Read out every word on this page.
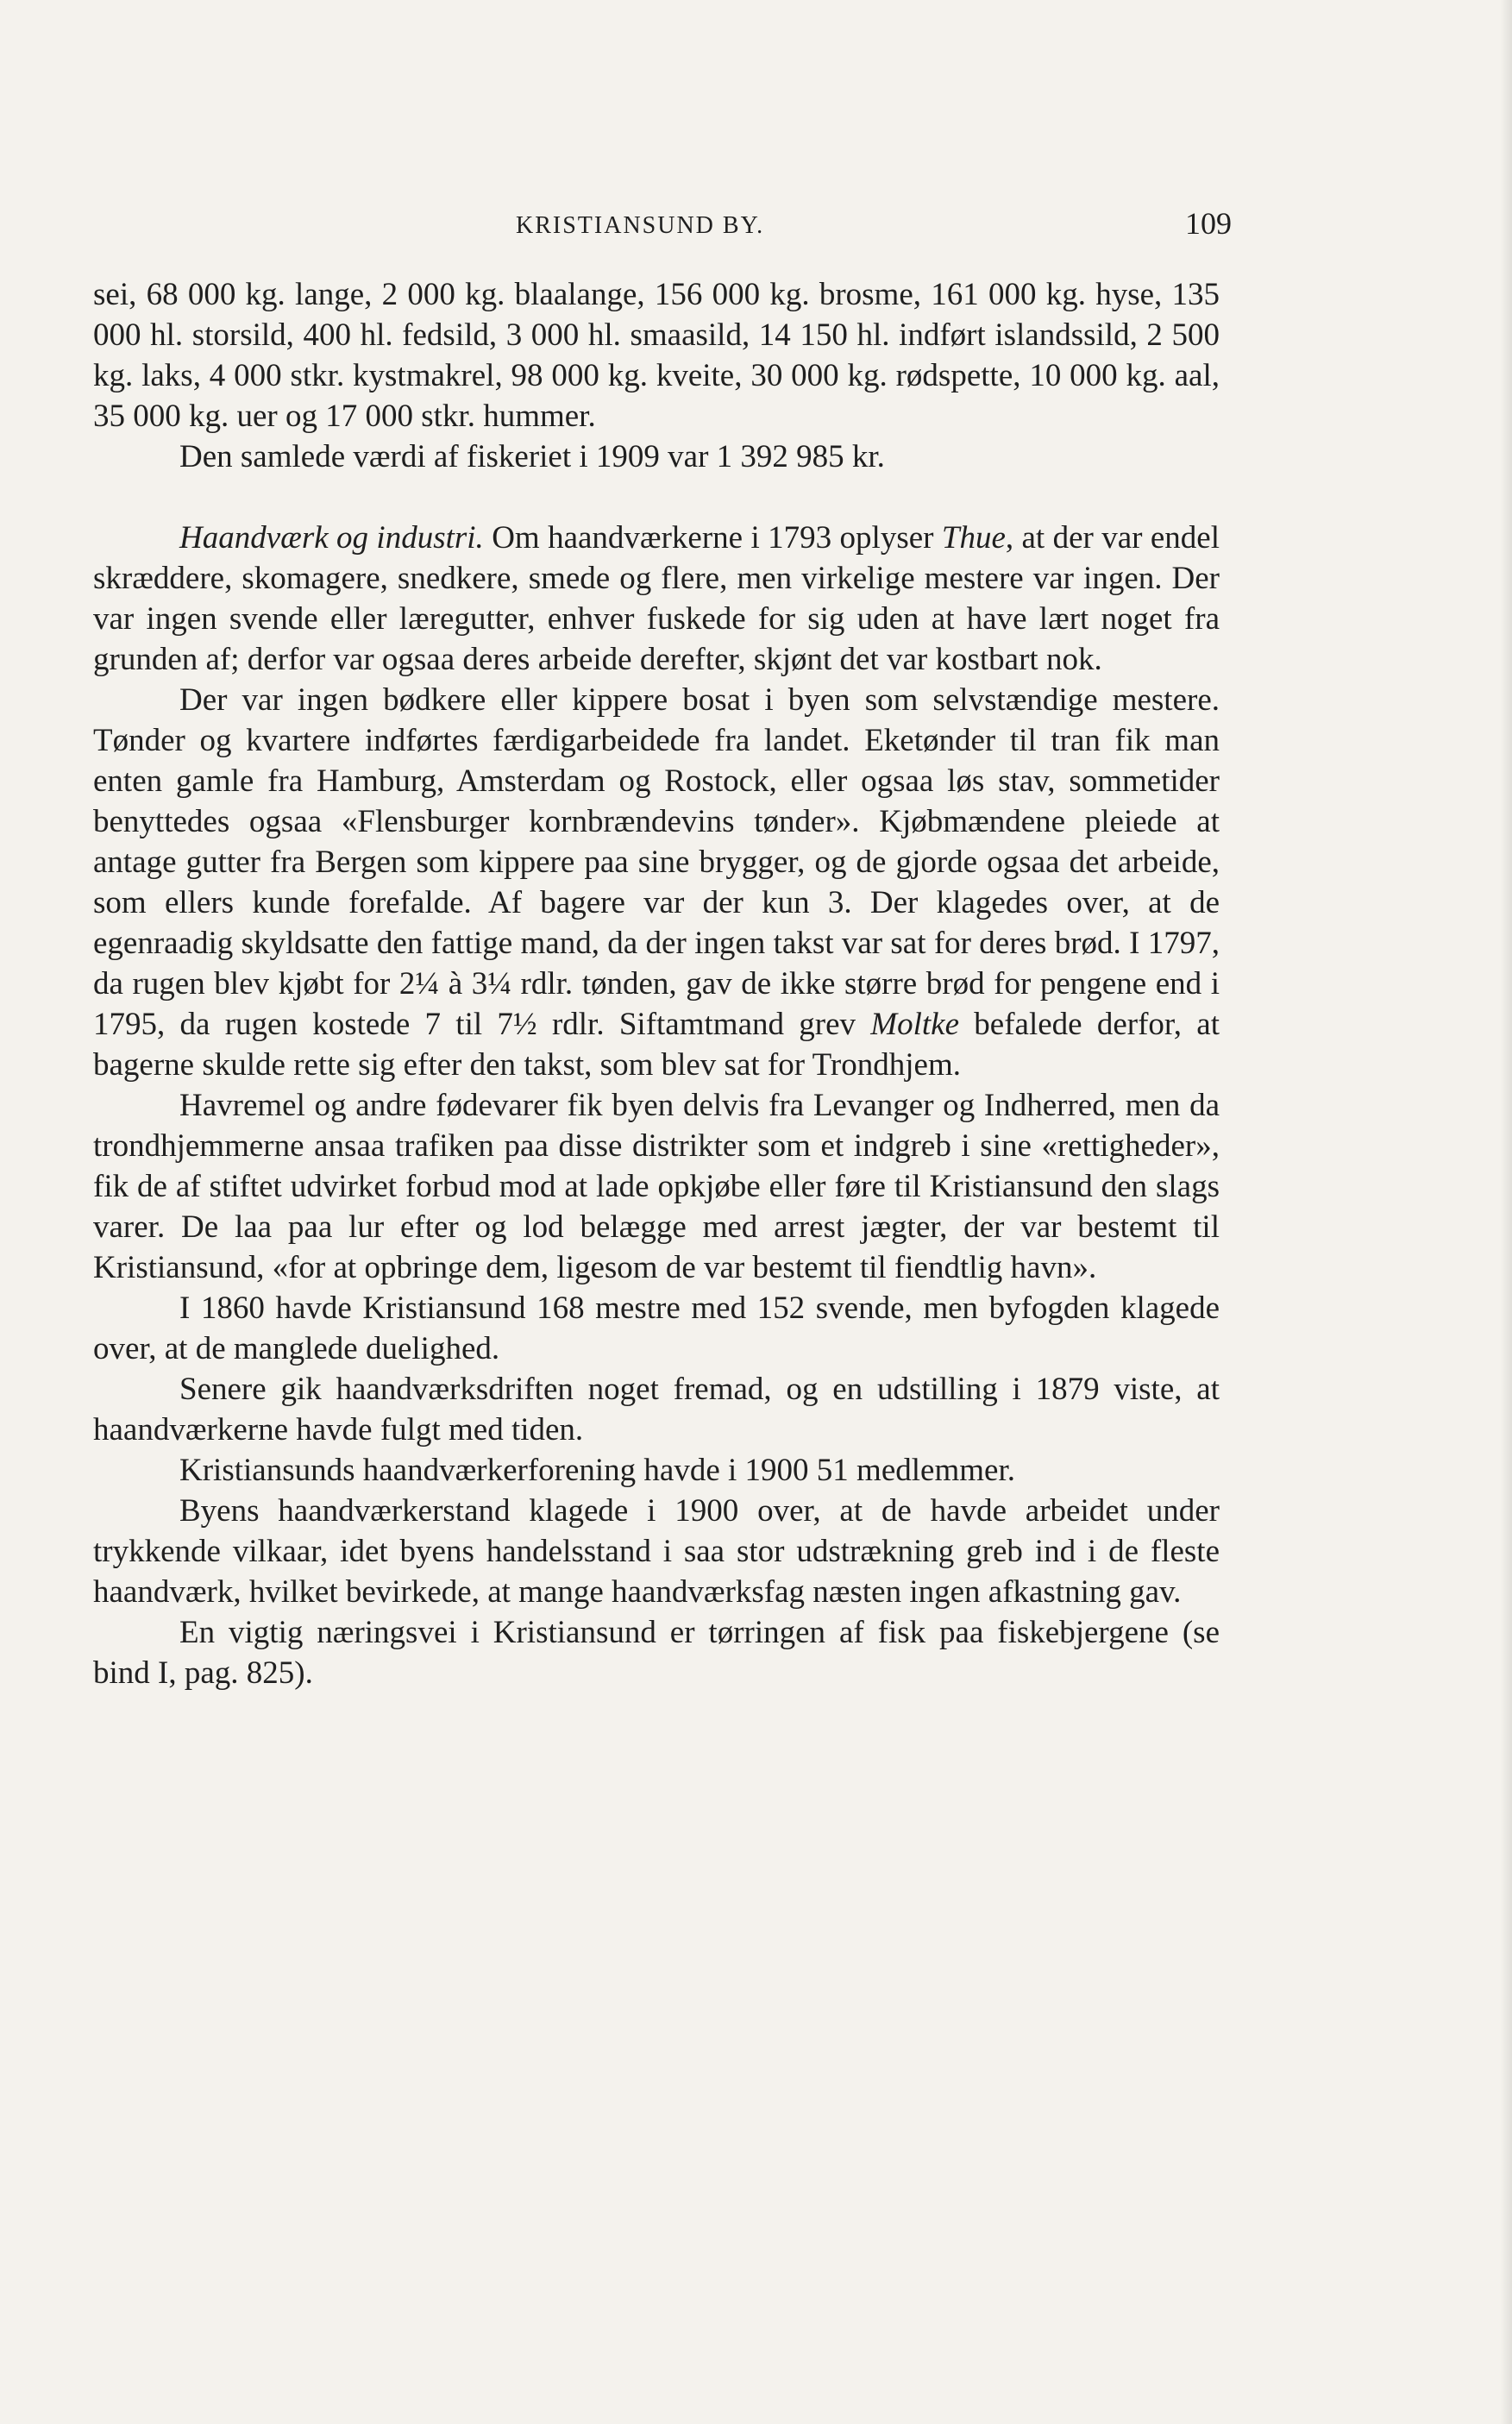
KRISTIANSUND BY.	109

sei, 68 000 kg. lange, 2 000 kg. blaalange, 156 000 kg. brosme, 161 000 kg. hyse, 135 000 hl. storsild, 400 hl. fedsild, 3 000 hl. smaasild, 14 150 hl. indført islandssild, 2 500 kg. laks, 4 000 stkr. kystmakrel, 98 000 kg. kveite, 30 000 kg. rødspette, 10 000 kg. aal, 35 000 kg. uer og 17 000 stkr. hummer.

Den samlede værdi af fiskeriet i 1909 var 1 392 985 kr.

Haandværk og industri. Om haandværkerne i 1793 oplyser Thue, at der var endel skræddere, skomagere, snedkere, smede og flere, men virkelige mestere var ingen. Der var ingen svende eller læregutter, enhver fuskede for sig uden at have lært noget fra grunden af; derfor var ogsaa deres arbeide derefter, skjønt det var kostbart nok.

Der var ingen bødkere eller kippere bosat i byen som selvstændige mestere. Tønder og kvartere indførtes færdigarbeidede fra landet. Eketønder til tran fik man enten gamle fra Hamburg, Amsterdam og Rostock, eller ogsaa løs stav, sommetider benyttedes ogsaa «Flensburger kornbrændevins tønder». Kjøbmændene pleiede at antage gutter fra Bergen som kippere paa sine brygger, og de gjorde ogsaa det arbeide, som ellers kunde forefalde. Af bagere var der kun 3. Der klagedes over, at de egenraadig skyldsatte den fattige mand, da der ingen takst var sat for deres brød. I 1797, da rugen blev kjøbt for 2¼ à 3¼ rdlr. tønden, gav de ikke større brød for pengene end i 1795, da rugen kostede 7 til 7½ rdlr. Siftamtmand grev Moltke befalede derfor, at bagerne skulde rette sig efter den takst, som blev sat for Trondhjem.

Havremel og andre fødevarer fik byen delvis fra Levanger og Indherred, men da trondhjemmerne ansaa trafiken paa disse distrikter som et indgreb i sine «rettigheder», fik de af stiftet udvirket forbud mod at lade opkjøbe eller føre til Kristiansund den slags varer. De laa paa lur efter og lod belægge med arrest jægter, der var bestemt til Kristiansund, «for at opbringe dem, ligesom de var bestemt til fiendtlig havn».

I 1860 havde Kristiansund 168 mestre med 152 svende, men byfogden klagede over, at de manglede duelighed.

Senere gik haandværksdriften noget fremad, og en udstilling i 1879 viste, at haandværkerne havde fulgt med tiden.

Kristiansunds haandværkerforening havde i 1900 51 medlemmer.

Byens haandværkerstand klagede i 1900 over, at de havde arbeidet under trykkende vilkaar, idet byens handelsstand i saa stor udstrækning greb ind i de fleste haandværk, hvilket bevirkede, at mange haandværksfag næsten ingen afkastning gav.

En vigtig næringsvei i Kristiansund er tørringen af fisk paa fiskebjergene (se bind I, pag. 825).
